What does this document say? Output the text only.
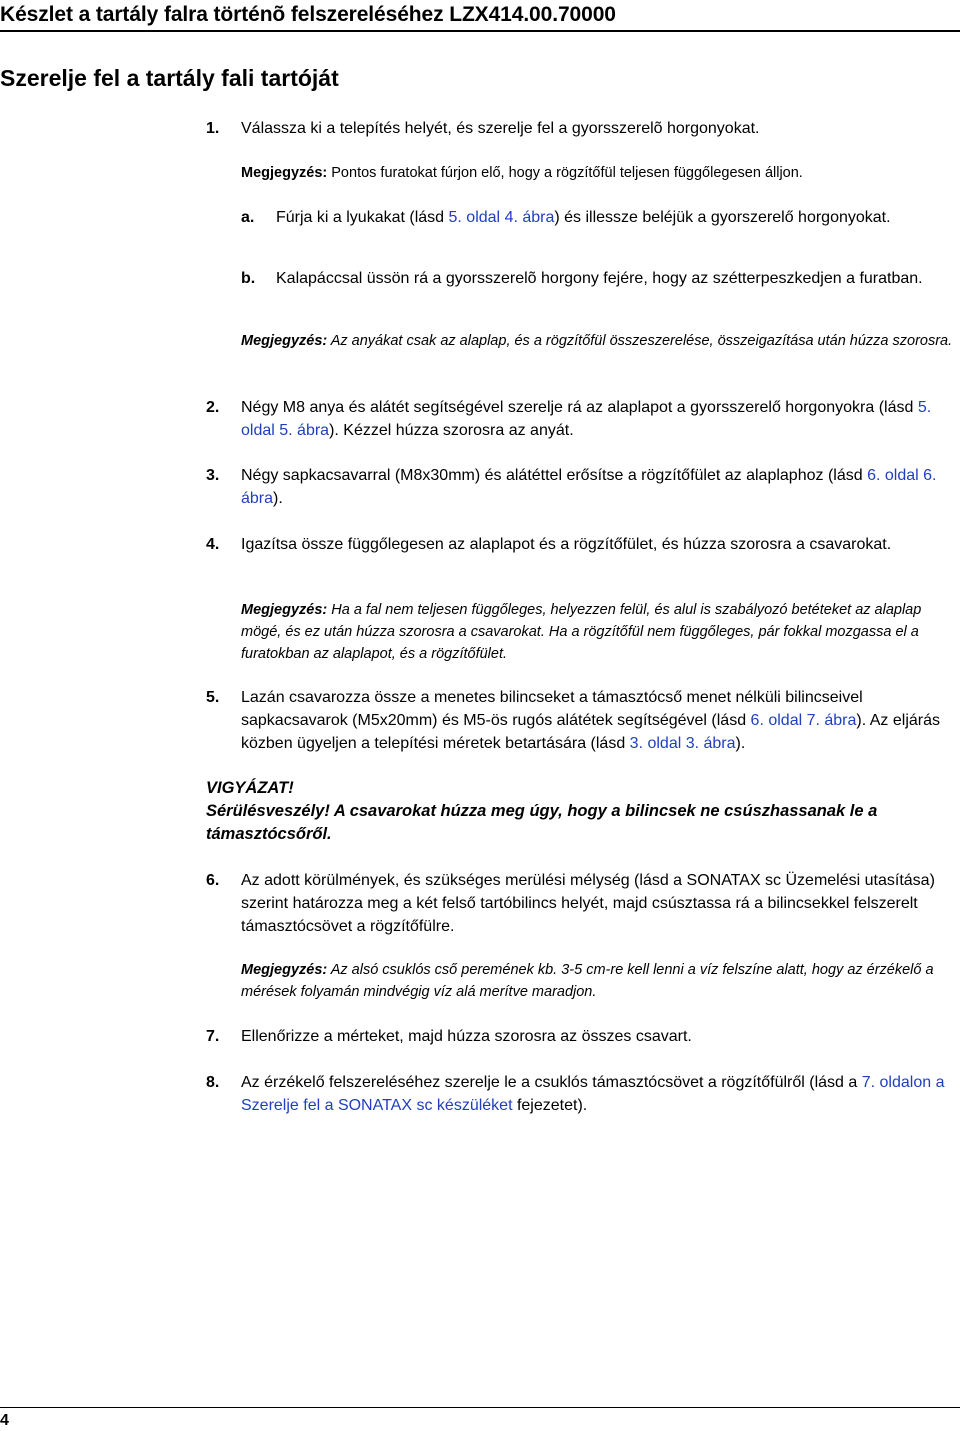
Készlet a tartály falra történõ felszereléséhez LZX414.00.70000
Szerelje fel a tartály fali tartóját
1. Válassza ki a telepítés helyét, és szerelje fel a gyorsszerelõ horgonyokat.
Megjegyzés: Pontos furatokat fúrjon elő, hogy a rögzítőfül teljesen függőlegesen álljon.
a. Fúrja ki a lyukakat (lásd 5. oldal 4. ábra) és illessze beléjük a gyorszerelő horgonyokat.
b. Kalapáccsal üssön rá a gyorsszerelõ horgony fejére, hogy az szétterpeszkedjen a furatban.
Megjegyzés: Az anyákat csak az alaplap, és a rögzítőfül összeszerelése, összeigazítása után húzza szorosra.
2. Négy M8 anya és alátét segítségével szerelje rá az alaplapot a gyorsszerelő horgonyokra (lásd 5. oldal 5. ábra). Kézzel húzza szorosra az anyát.
3. Négy sapkacsavarral (M8x30mm) és alátéttel erősítse a rögzítőfület az alaplaphoz (lásd 6. oldal 6. ábra).
4. Igazítsa össze függőlegesen az alaplapot és a rögzítőfület, és húzza szorosra a csavarokat.
Megjegyzés: Ha a fal nem teljesen függőleges, helyezzen felül, és alul is szabályozó betéteket az alaplap mögé, és ez után húzza szorosra a csavarokat. Ha a rögzítőfül nem függőleges, pár fokkal mozgassa el a furatokban az alaplapot, és a rögzítőfület.
5. Lazán csavarozza össze a menetes bilincseket a támasztócső menet nélküli bilincseivel sapkacsavarok (M5x20mm) és M5-ös rugós alátétek segítségével (lásd 6. oldal 7. ábra). Az eljárás közben ügyeljen a telepítési méretek betartására (lásd 3. oldal 3. ábra).
VIGYÁZAT!
Sérülésveszély! A csavarokat húzza meg úgy, hogy a bilincsek ne csúszhassanak le a támasztócsőről.
6. Az adott körülmények, és szükséges merülési mélység (lásd a SONATAX sc Üzemelési utasítása) szerint határozza meg a két felső tartóbilincs helyét, majd csúsztassa rá a bilincsekkel felszerelt támasztócsövet a rögzítőfülre.
Megjegyzés: Az alsó csuklós cső peremének kb. 3-5 cm-re kell lenni a víz felszíne alatt, hogy az érzékelő a mérések folyamán mindvégig víz alá merítve maradjon.
7. Ellenőrizze a mérteket, majd húzza szorosra az összes csavart.
8. Az érzékelő felszereléséhez szerelje le a csuklós támasztócsövet a rögzítőfülről (lásd a 7. oldalon a Szerelje fel a SONATAX sc készüléket fejezetet).
4
